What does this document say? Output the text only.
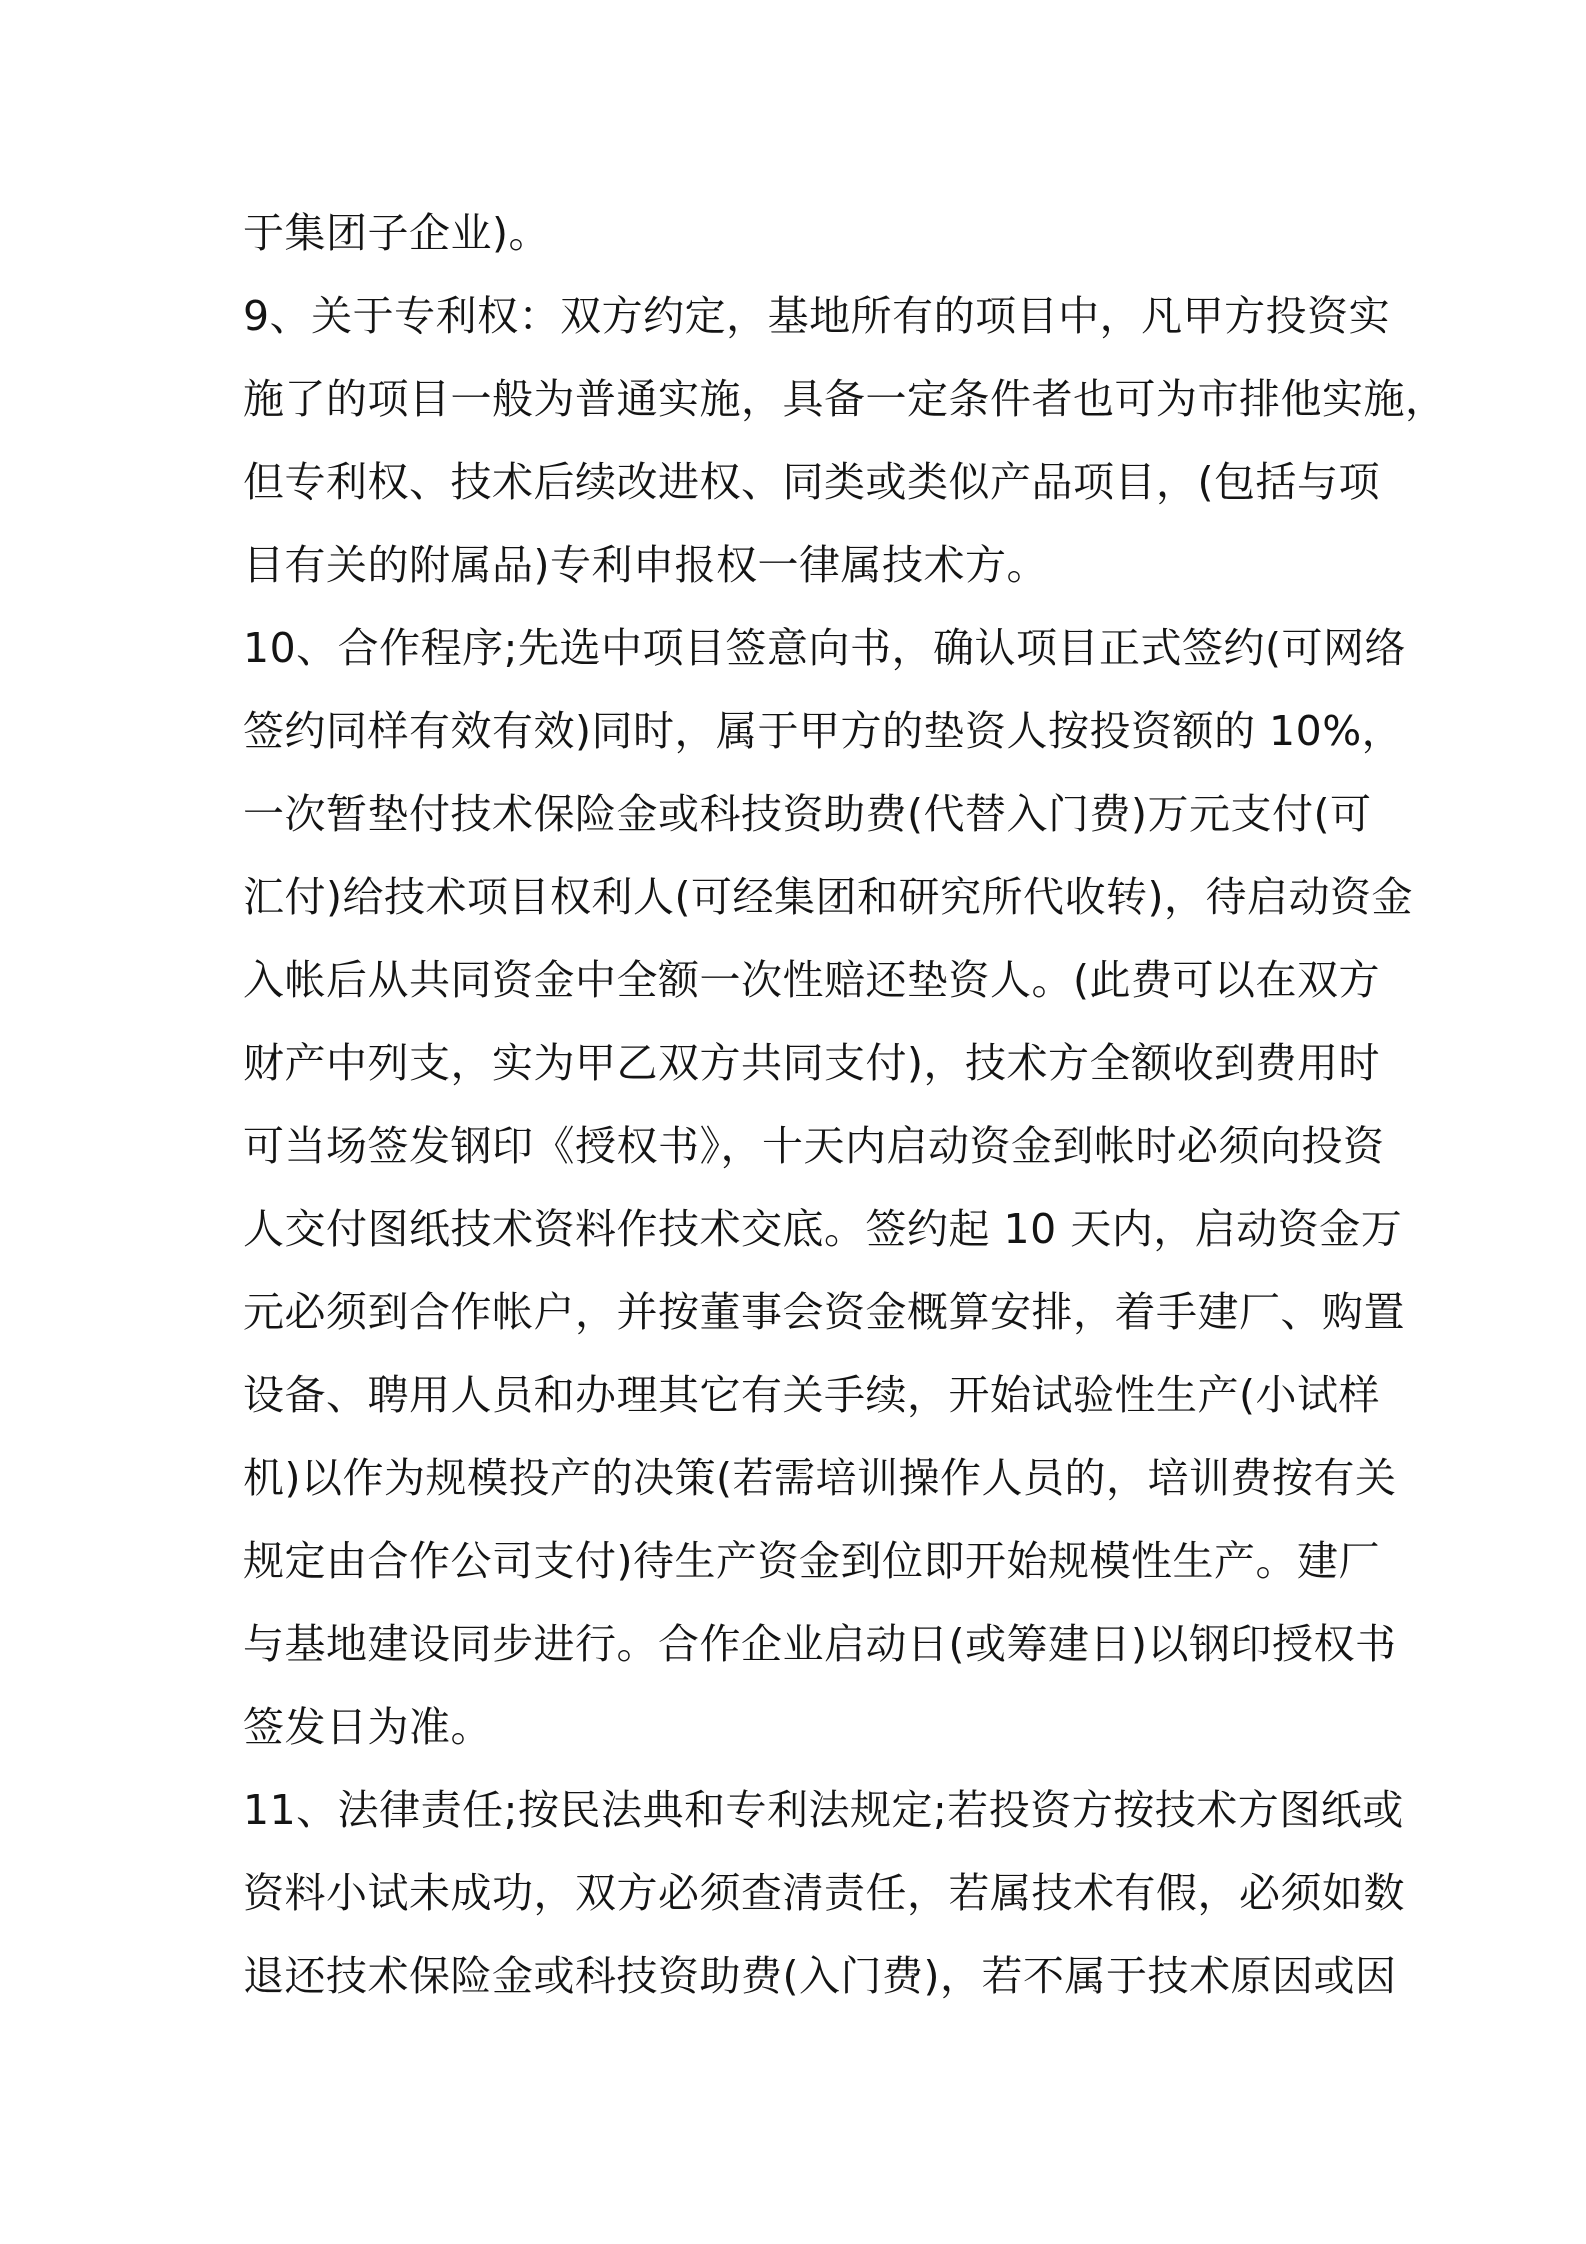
于集团子企业)。
9、关于专利权：双方约定，基地所有的项目中，凡甲方投资实
施了的项目一般为普通实施，具备一定条件者也可为市排他实施，
但专利权、技术后续改进权、同类或类似产品项目，(包括与项
目有关的附属品)专利申报权一律属技术方。
10、合作程序;先选中项目签意向书，确认项目正式签约(可网络
签约同样有效有效)同时，属于甲方的垫资人按投资额的 10%，
一次暂垫付技术保险金或科技资助费(代替入门费)万元支付(可
汇付)给技术项目权利人(可经集团和研究所代收转)，待启动资金
入帐后从共同资金中全额一次性赔还垫资人。(此费可以在双方
财产中列支，实为甲乙双方共同支付)，技术方全额收到费用时
可当场签发钢印《授权书》，十天内启动资金到帐时必须向投资
人交付图纸技术资料作技术交底。签约起 10 天内，启动资金万
元必须到合作帐户，并按董事会资金概算安排，着手建厂、购置
设备、聘用人员和办理其它有关手续，开始试验性生产(小试样
机)以作为规模投产的决策(若需培训操作人员的，培训费按有关
规定由合作公司支付)待生产资金到位即开始规模性生产。建厂
与基地建设同步进行。合作企业启动日(或筹建日)以钢印授权书
签发日为准。
11、法律责任;按民法典和专利法规定;若投资方按技术方图纸或
资料小试未成功，双方必须查清责任，若属技术有假，必须如数
退还技术保险金或科技资助费(入门费)，若不属于技术原因或因
